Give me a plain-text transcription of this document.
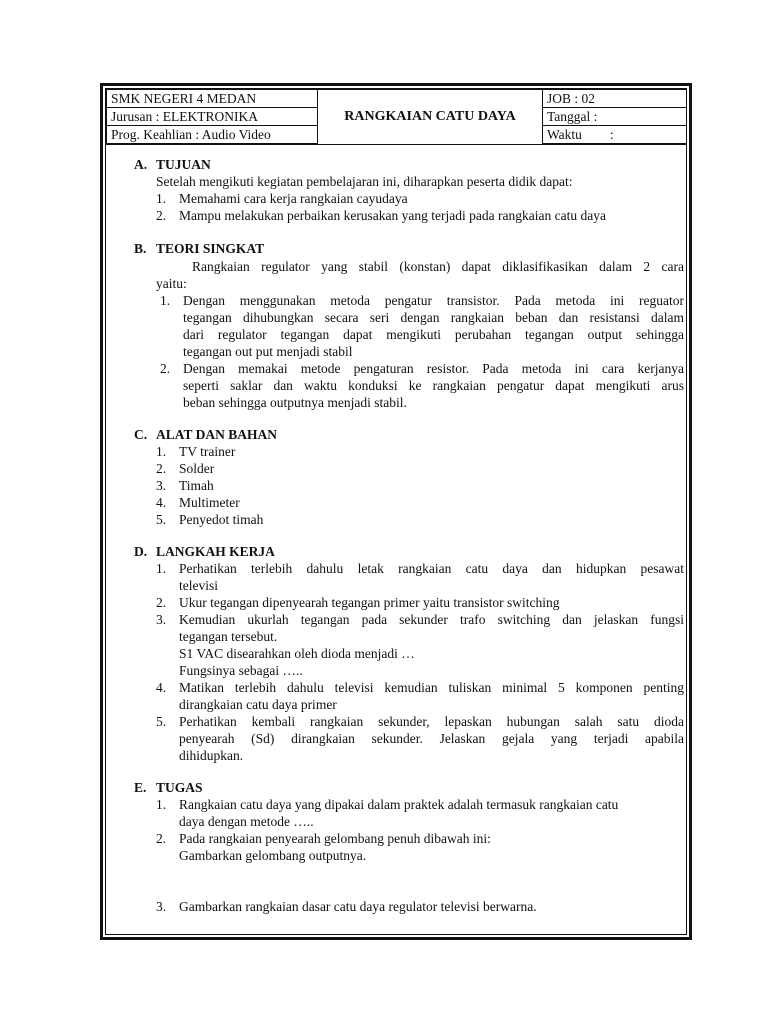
SMK NEGERI 4 MEDAN	RANGKAIAN CATU DAYA	JOB : 02
Jurusan : ELEKTRONIKA		Tanggal :
Prog. Keahlian : Audio Video		Waktu :
A. TUJUAN
Setelah mengikuti kegiatan pembelajaran ini, diharapkan peserta didik dapat:
1. Memahami cara kerja rangkaian cayudaya
2. Mampu melakukan perbaikan kerusakan yang terjadi pada rangkaian catu daya
B. TEORI SINGKAT
Rangkaian regulator yang stabil (konstan) dapat diklasifikasikan dalam 2 cara
yaitu:
1. Dengan menggunakan metoda pengatur transistor. Pada metoda ini reguator
tegangan dihubungkan secara seri dengan rangkaian beban dan resistansi dalam
dari regulator tegangan dapat mengikuti perubahan tegangan output sehingga
tegangan out put menjadi stabil
2. Dengan memakai metode pengaturan resistor. Pada metoda ini cara kerjanya
seperti saklar dan waktu konduksi ke rangkaian pengatur dapat mengikuti arus
beban sehingga outputnya menjadi stabil.
C. ALAT DAN BAHAN
1. TV trainer
2. Solder
3. Timah
4. Multimeter
5. Penyedot timah
D. LANGKAH KERJA
1. Perhatikan terlebih dahulu letak rangkaian catu daya dan hidupkan pesawat
televisi
2. Ukur tegangan dipenyearah tegangan primer yaitu transistor switching
3. Kemudian ukurlah tegangan pada sekunder trafo switching dan jelaskan fungsi
tegangan tersebut.
S1 VAC disearahkan oleh dioda menjadi …
Fungsinya sebagai …..
4. Matikan terlebih dahulu televisi kemudian tuliskan minimal 5 komponen penting
dirangkaian catu daya primer
5. Perhatikan kembali rangkaian sekunder, lepaskan hubungan salah satu dioda
penyearah (Sd) dirangkaian sekunder. Jelaskan gejala yang terjadi apabila
dihidupkan.
E. TUGAS
1. Rangkaian catu daya yang dipakai dalam praktek adalah termasuk rangkaian catu
daya dengan metode …..
2. Pada rangkaian penyearah gelombang penuh dibawah ini:
Gambarkan gelombang outputnya.
3. Gambarkan rangkaian dasar catu daya regulator televisi berwarna.
